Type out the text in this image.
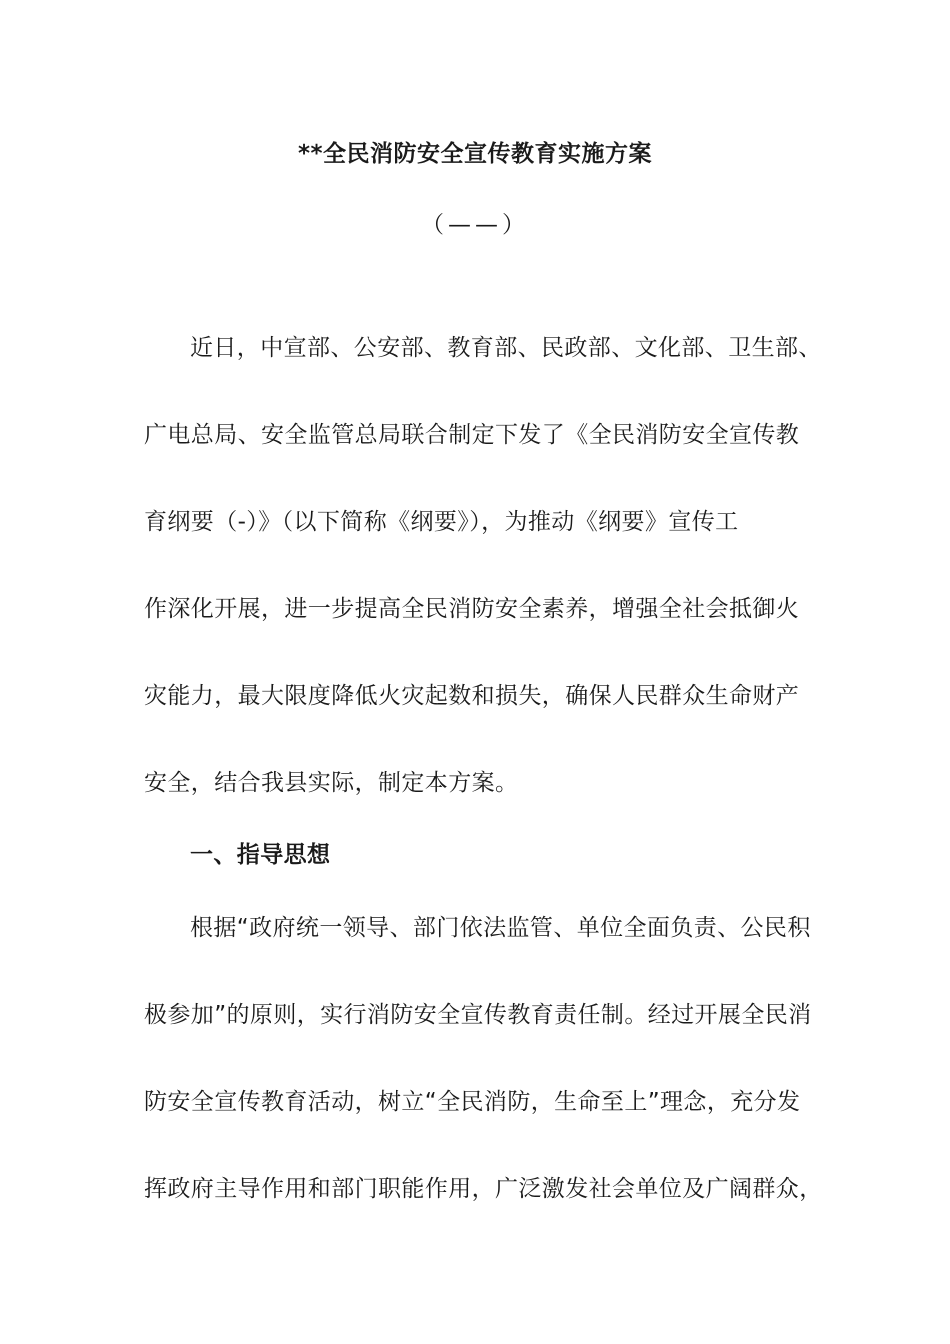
**全民消防安全宣传教育实施方案
（——）
近日，中宣部、公安部、教育部、民政部、文化部、卫生部、
广电总局、安全监管总局联合制定下发了《全民消防安全宣传教
育纲要（-）》（以下简称《纲要》），为推动《纲要》宣传工
作深化开展，进一步提高全民消防安全素养，增强全社会抵御火
灾能力，最大限度降低火灾起数和损失，确保人民群众生命财产
安全，结合我县实际，制定本方案。
一、指导思想
根据“政府统一领导、部门依法监管、单位全面负责、公民积
极参加”的原则，实行消防安全宣传教育责任制。经过开展全民消
防安全宣传教育活动，树立“全民消防，生命至上”理念，充分发
挥政府主导作用和部门职能作用，广泛激发社会单位及广阔群众，
